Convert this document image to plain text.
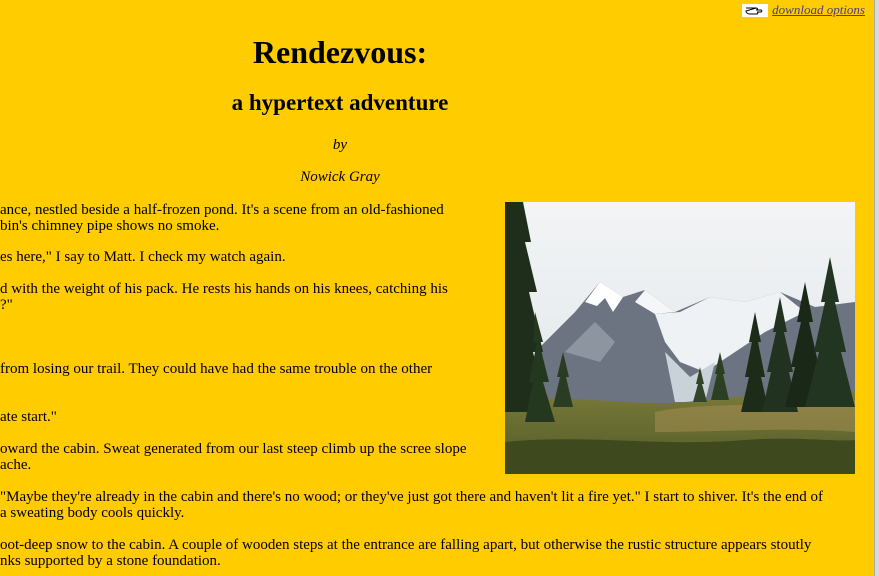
download options
Rendezvous:
a hypertext adventure
by
Nowick Gray
ance, nestled beside a half-frozen pond. It's a scene from an old-fashioned
bin's chimney pipe shows no smoke.
es here," I say to Matt. I check my watch again.
d with the weight of his pack. He rests his hands on his knees, catching his
?"
from losing our trail. They could have had the same trouble on the other
ate start."
oward the cabin. Sweat generated from our last steep climb up the scree slope
ache.
"Maybe they're already in the cabin and there's no wood; or they've just got there and haven't lit a fire yet." I start to shiver. It's the end of
a sweating body cools quickly.
oot-deep snow to the cabin. A couple of wooden steps at the entrance are falling apart, but otherwise the rustic structure appears stoutly
nks supported by a stone foundation.
